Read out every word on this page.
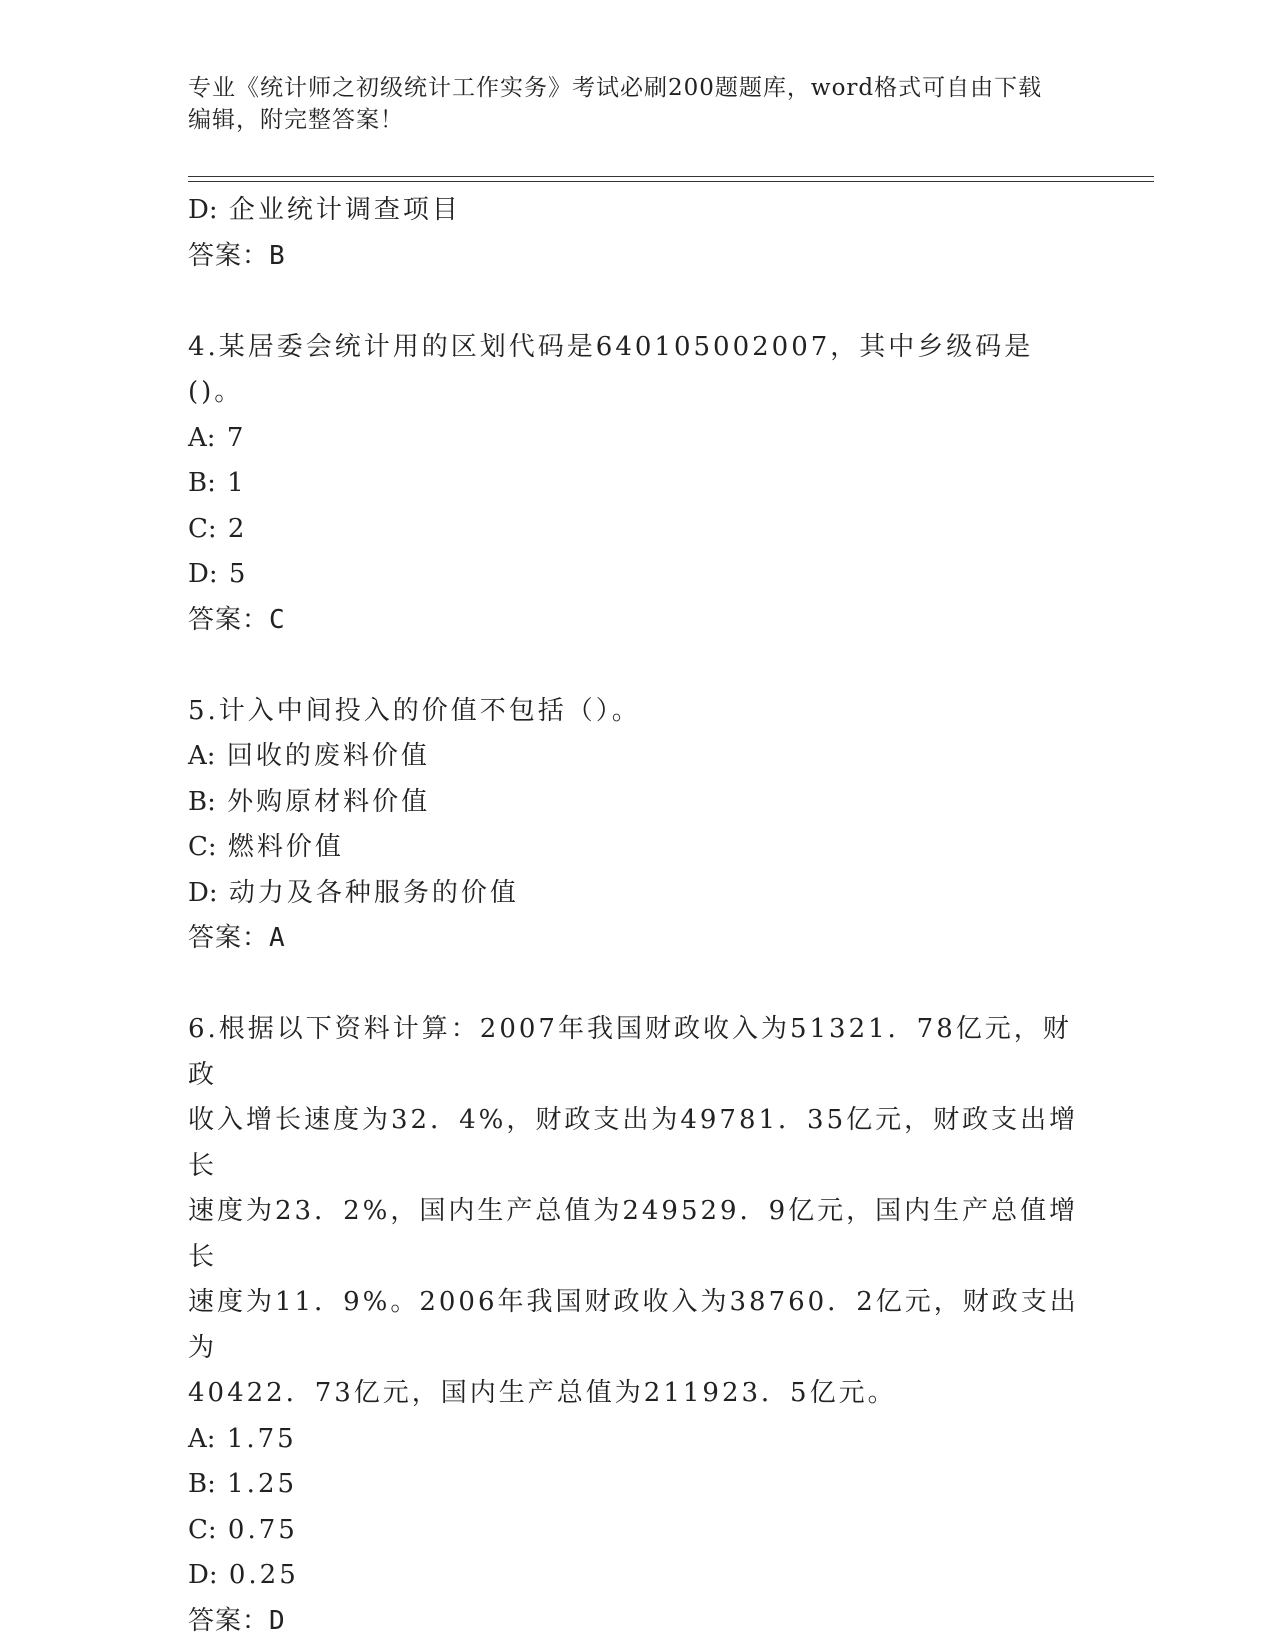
专业《统计师之初级统计工作实务》考试必刷200题题库，word格式可自由下载
编辑，附完整答案！
D: 企业统计调查项目
答案：B
4.某居委会统计用的区划代码是640105002007，其中乡级码是()。
A: 7
B: 1
C: 2
D: 5
答案：C
5.计入中间投入的价值不包括（）。
A: 回收的废料价值
B: 外购原材料价值
C: 燃料价值
D: 动力及各种服务的价值
答案：A
6.根据以下资料计算：2007年我国财政收入为51321．78亿元，财政
收入增长速度为32．4%，财政支出为49781．35亿元，财政支出增长
速度为23．2%，国内生产总值为249529．9亿元，国内生产总值增长
速度为11．9%。2006年我国财政收入为38760．2亿元，财政支出为
40422．73亿元，国内生产总值为211923．5亿元。
A: 1.75
B: 1.25
C: 0.75
D: 0.25
答案：D
